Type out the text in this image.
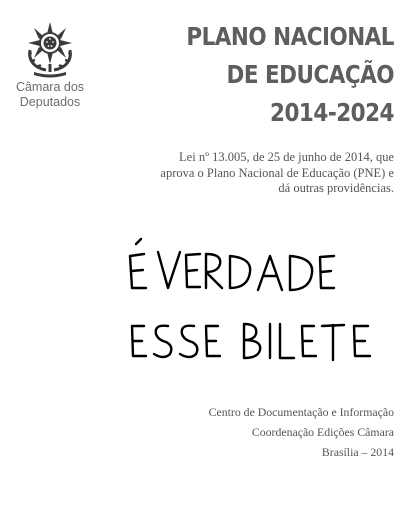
Câmara dos
Deputados
PLANO NACIONAL
DE EDUCAÇÃO
2014-2024
Lei nº 13.005, de 25 de junho de 2014, que
aprova o Plano Nacional de Educação (PNE) e
dá outras providências.
Centro de Documentação e Informação
Coordenação Edições Câmara
Brasília – 2014
